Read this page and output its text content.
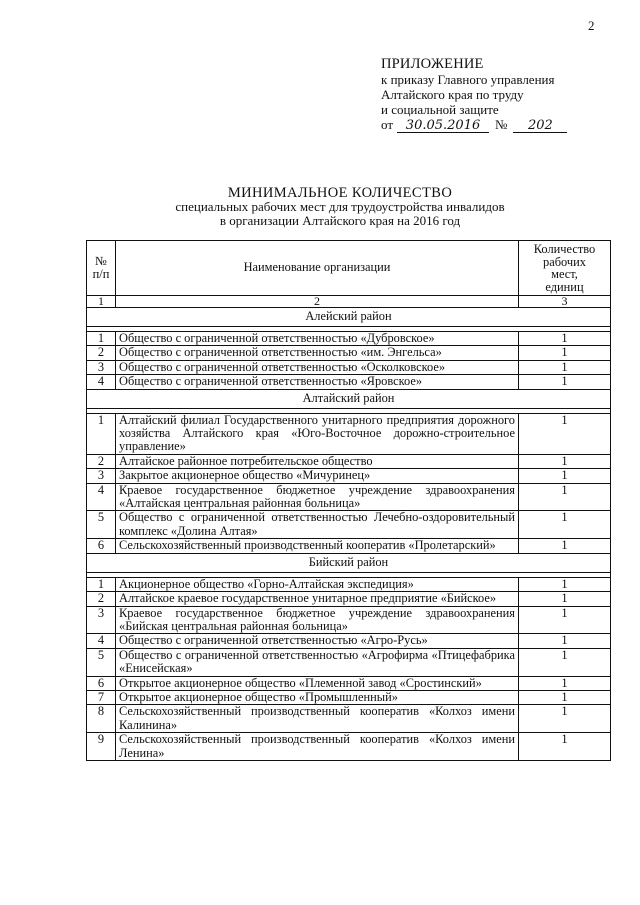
2
ПРИЛОЖЕНИЕ
к приказу Главного управления
Алтайского края по труду
и социальной защите
от 30.05.2016	№	202
МИНИМАЛЬНОЕ КОЛИЧЕСТВО
специальных рабочих мест для трудоустройства инвалидов
в организации Алтайского края на 2016 год
№
п/п	Наименование организации	Количество
рабочих
мест,
единиц
1	2	3
Алейский район		

1	Общество с ограниченной ответственностью «Дубровское»	1
2	Общество с ограниченной ответственностью «им. Энгельса»	1
3	Общество с ограниченной ответственностью «Осколковское»	1
4	Общество с ограниченной ответственностью «Яровское»	1
Алтайский район		

1	Алтайский филиал Государственного унитарного предприятия дорожного хозяйства Алтайского края «Юго-Восточное дорожно-строительное управление»	1
2	Алтайское районное потребительское общество	1
3	Закрытое акционерное общество «Мичуринец»	1
4	Краевое государственное бюджетное учреждение здравоохранения «Алтайская центральная районная больница»	1
5	Общество с ограниченной ответственностью Лечебно-оздоровительный комплекс «Долина Алтая»	1
6	Сельскохозяйственный производственный кооператив «Пролетарский»	1
Бийский район		

1	Акционерное общество «Горно-Алтайская экспедиция»	1
2	Алтайское краевое государственное унитарное предприятие «Бийское»	1
3	Краевое государственное бюджетное учреждение здравоохранения «Бийская центральная районная больница»	1
4	Общество с ограниченной ответственностью «Агро-Русь»	1
5	Общество с ограниченной ответственностью «Агрофирма «Птицефабрика «Енисейская»	1
6	Открытое акционерное общество «Племенной завод «Сростинский»	1
7	Открытое акционерное общество «Промышленный»	1
8	Сельскохозяйственный производственный кооператив «Колхоз имени Калинина»	1
9	Сельскохозяйственный производственный кооператив «Колхоз имени Ленина»	1
